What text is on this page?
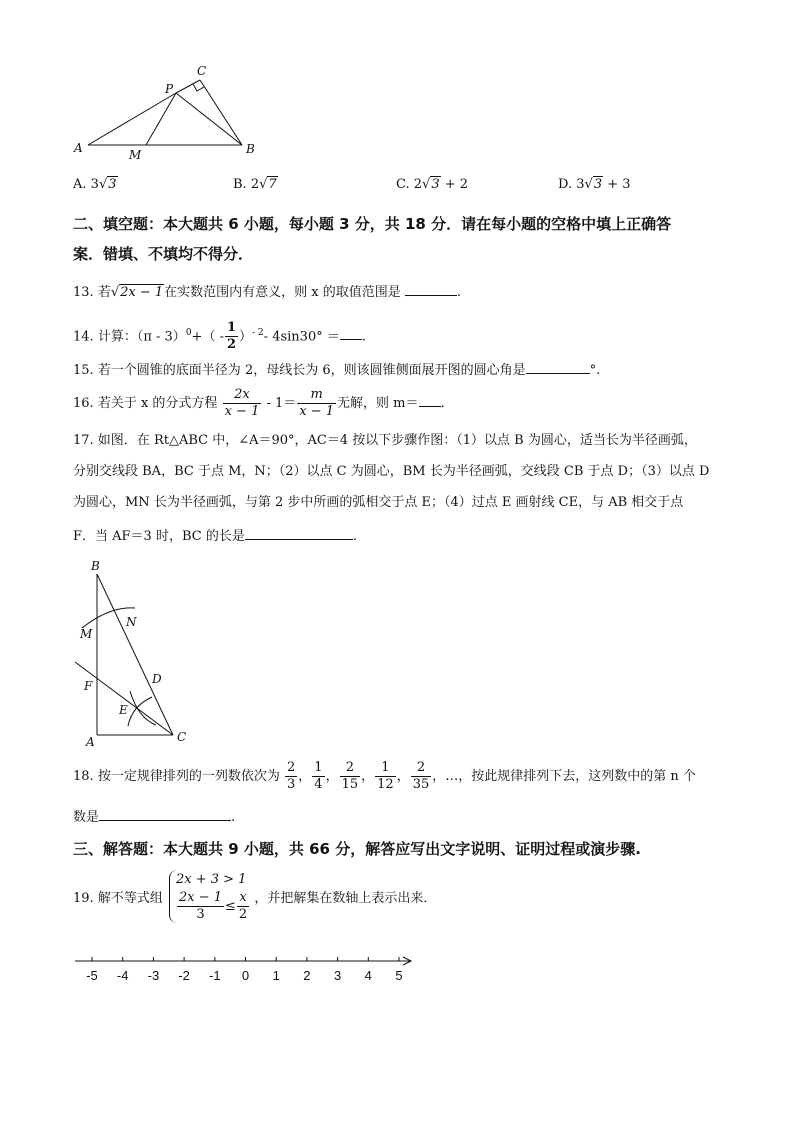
A	B
C
P
M
A. 3√3	B. 2√7	C. 2√3 + 2	D. 3√3 + 3
二、填空题：本大题共 6 小题，每小题 3 分，共 18 分．请在每小题的空格中填上正确答
案．错填、不填均不得分．
13. 若√2x − 1在实数范围内有意义，则 x 的取值范围是	.
14. 计算：$(\pi - 3)^0+( - \frac{1}{2} )^{- 2}-$ 4sin30° ＝ .
15. 若一个圆锥的底面半径为 2，母线长为 6，则该圆锥侧面展开图的圆心角是	°.
16. 若关于 x 的分式方程 $\frac{2x}{x - 1} - 1= \frac{m}{x - 1}$ 无解，则 m＝ .
17. 如图．在 Rt△ABC 中，∠A＝90°，AC＝4 按以下步骤作图：（1）以点 B 为圆心，适当长为半径画弧，
分别交线段 BA，BC 于点 M，N；（2）以点 C 为圆心，BM 长为半径画弧，交线段 CB 于点 D；（3）以点 D
为圆心，MN 长为半径画弧，与第 2 步中所画的弧相交于点 E；（4）过点 E 画射线 CE，与 AB 相交于点
F．当 AF＝3 时，BC 的长是	.
B
M
N
F	D
E
A	C
18. 按一定规律排列的一列数依次为 $\frac{2}{3}$ ， $\frac{1}{4}$ ， $\frac{2}{15}$ ， $\frac{1}{12}$ ， $\frac{2}{35}$ ，…，按此规律排列下去，这列数中的第 n 个
数是	.
三、解答题：本大题共 9 小题，共 66 分，解答应写出文字说明、证明过程或演步骤.
19. 解不等式组
2x + 3 > 1
$\frac{2x - 1}{3} \le \frac{x}{2}$ ，并把解集在数轴上表示出来．
-5 -4 -3 -2 -1 0 1 2 3 4 5
